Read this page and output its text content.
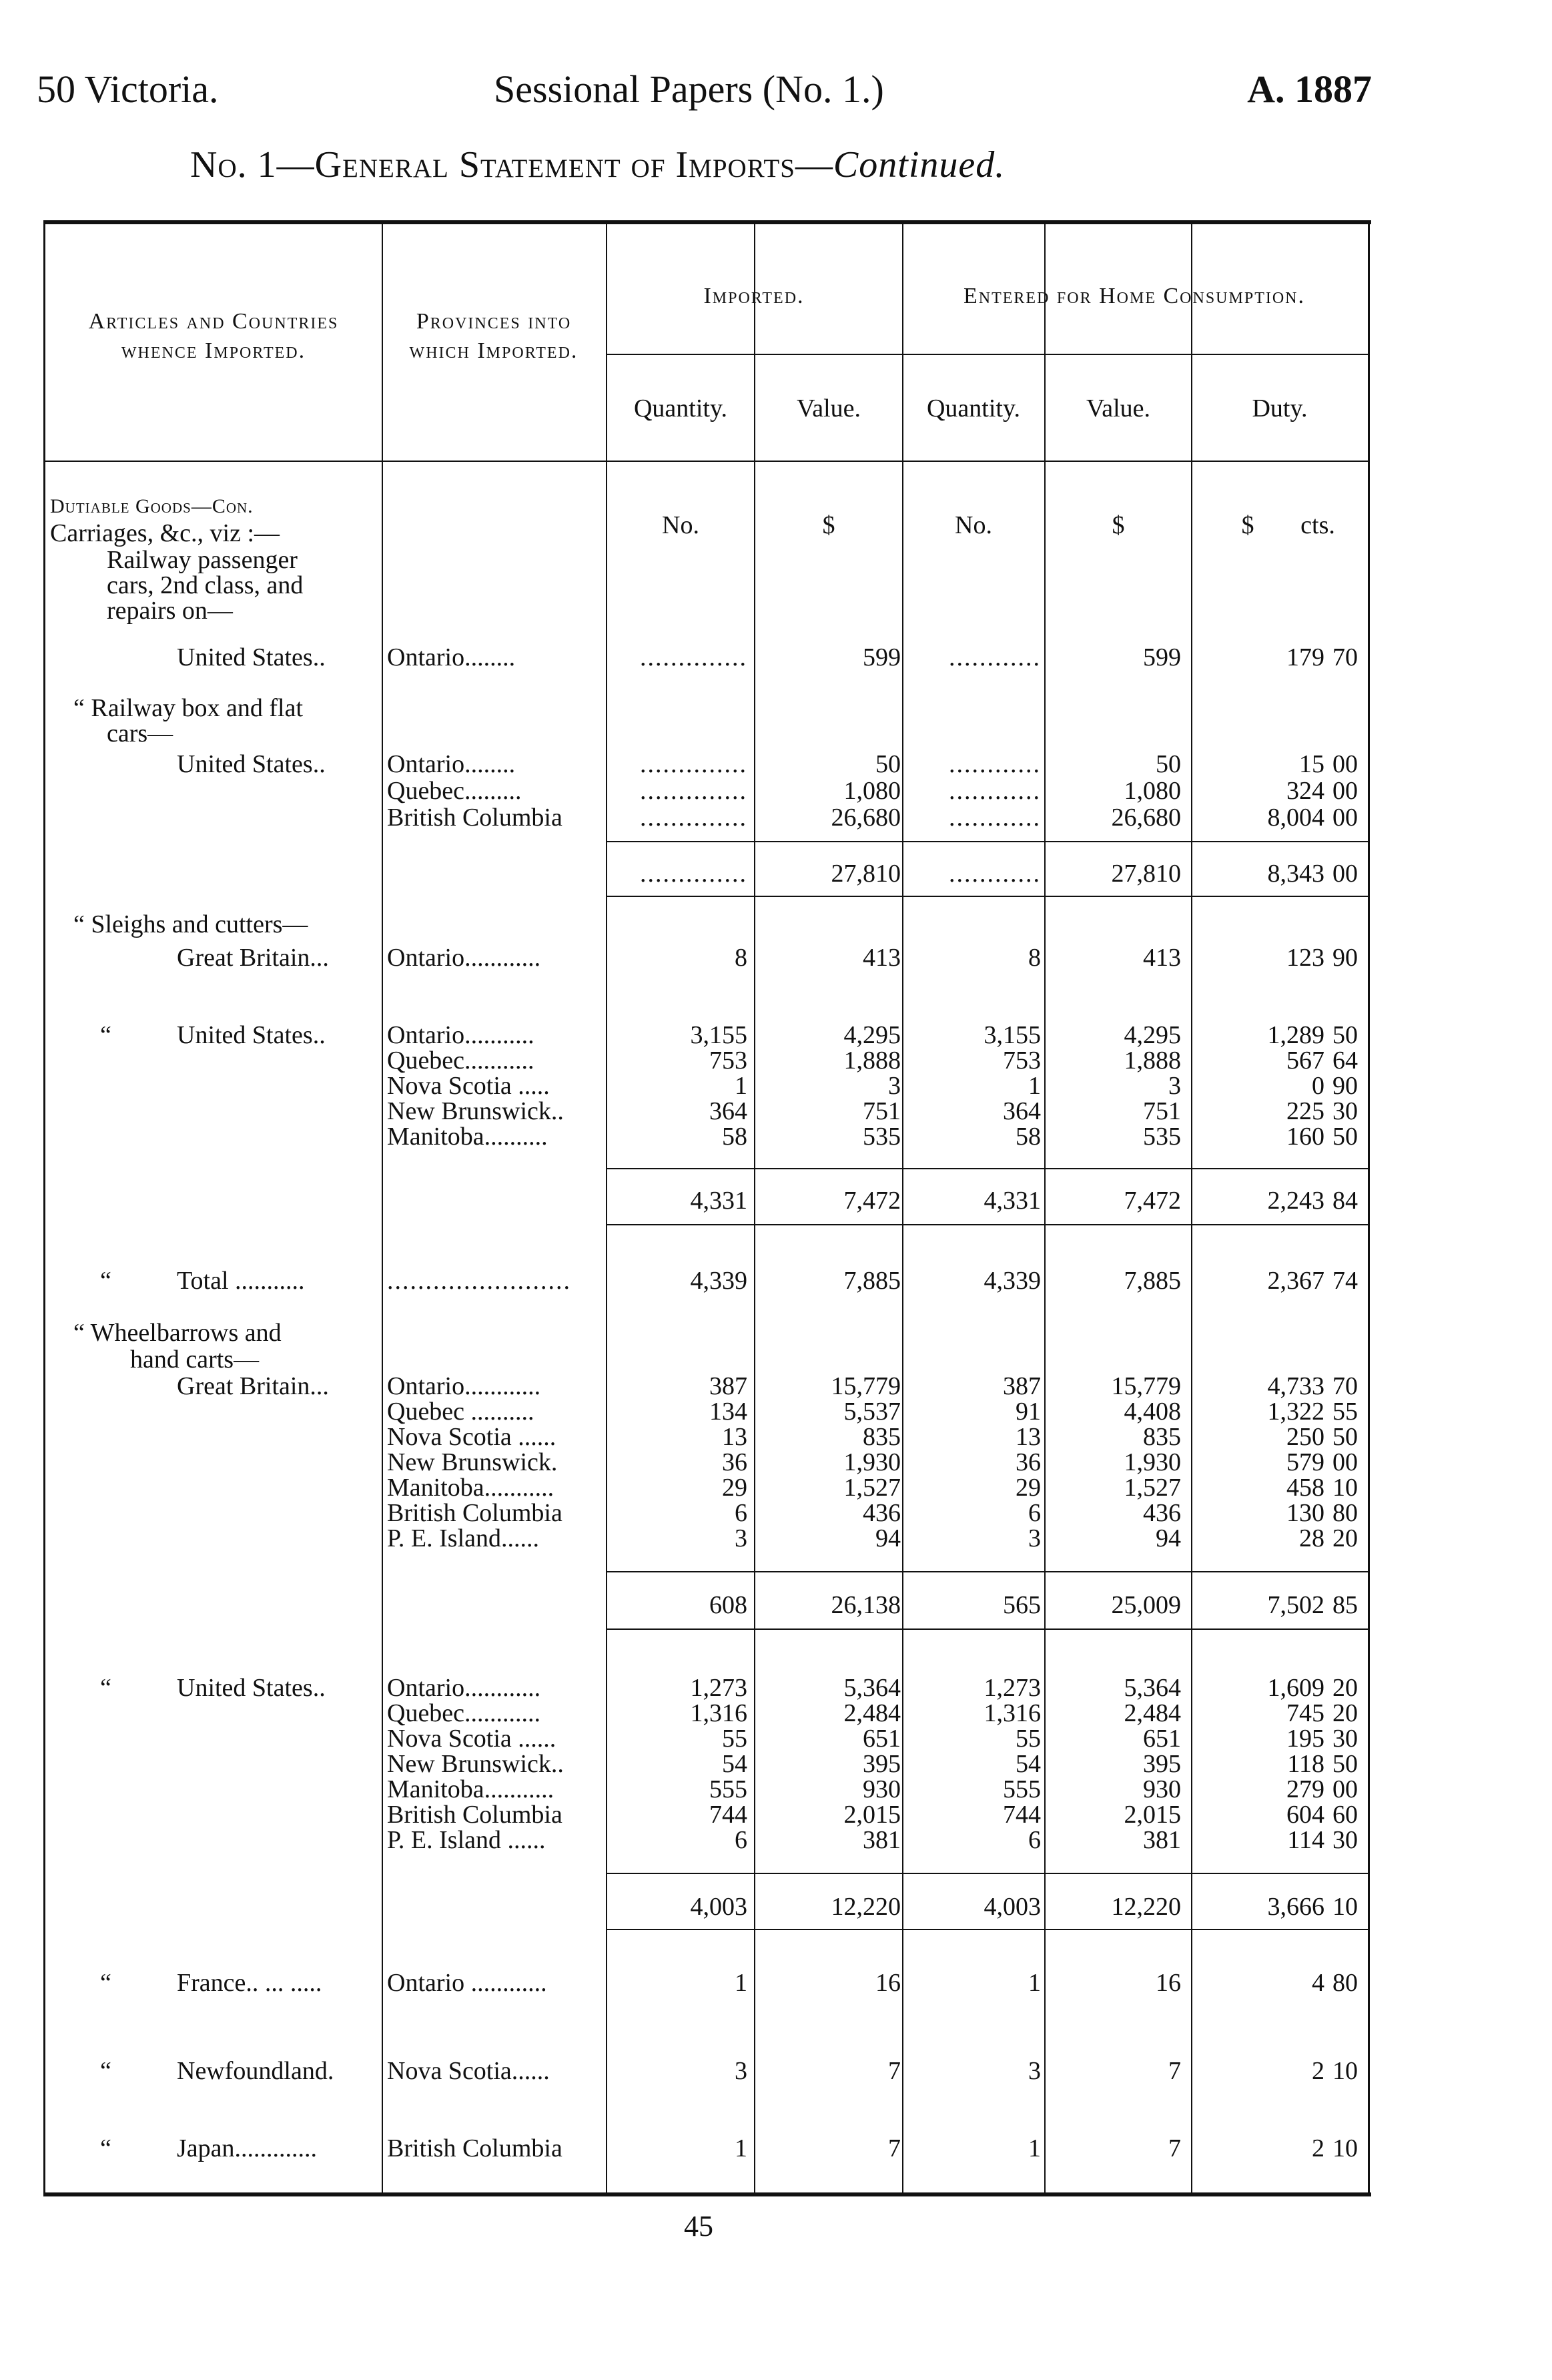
50 Victoria.	Sessional Papers (No. 1.)	A. 1887
No. 1—General Statement of Imports—Continued.
Articles and Countries whence Imported.
Provinces into which Imported.
Imported.	Entered for Home Consumption.
Quantity.	Value.	Quantity.	Value.	Duty.
No.	$	No.	$	$	cts.
Dutiable Goods—Con.
Carriages, &c., viz :—
Railway passenger
cars, 2nd class, and
repairs on—
United States.. Ontario........	..............	599	............	599	179 70
“ Railway box and flat
cars—
United States.. Ontario........	..............	50	............	50	15 00
Quebec.........	..............	1,080	............	1,080	324 00
British Columbia	..............	26,680	............	26,680	8,004 00
..............	27,810	............	27,810	8,343 00
“ Sleighs and cutters—
Great Britain... Ontario............	8	413	8	413	123 90
“	United States.. Ontario...........	3,155	4,295	3,155	4,295	1,289 50
Quebec...........	753	1,888	753	1,888	567 64
Nova Scotia .....	1	3	1	3	0 90
New Brunswick..	364	751	364	751	225 30
Manitoba..........	58	535	58	535	160 50
4,331	7,472	4,331	7,472	2,243 84
“	Total ...........	........................	4,339	7,885	4,339	7,885	2,367 74
“ Wheelbarrows and
hand carts—
Great Britain... Ontario............	387	15,779	387	15,779	4,733 70
Quebec ..........	134	5,537	91	4,408	1,322 55
Nova Scotia ......	13	835	13	835	250 50
New Brunswick.	36	1,930	36	1,930	579 00
Manitoba...........	29	1,527	29	1,527	458 10
British Columbia	6	436	6	436	130 80
P. E. Island......	3	94	3	94	28 20
608	26,138	565	25,009	7,502 85
“	United States.. Ontario............	1,273	5,364	1,273	5,364	1,609 20
Quebec............	1,316	2,484	1,316	2,484	745 20
Nova Scotia ......	55	651	55	651	195 30
New Brunswick..	54	395	54	395	118 50
Manitoba...........	555	930	555	930	279 00
British Columbia	744	2,015	744	2,015	604 60
P. E. Island ......	6	381	6	381	114 30
4,003	12,220	4,003	12,220	3,666 10
“	France.. ... .....	Ontario ............	1	16	1	16	4 80
“	Newfoundland. Nova Scotia......	3	7	3	7	2 10
“	Japan.............	British Columbia	1	7	1	7	2 10
45
